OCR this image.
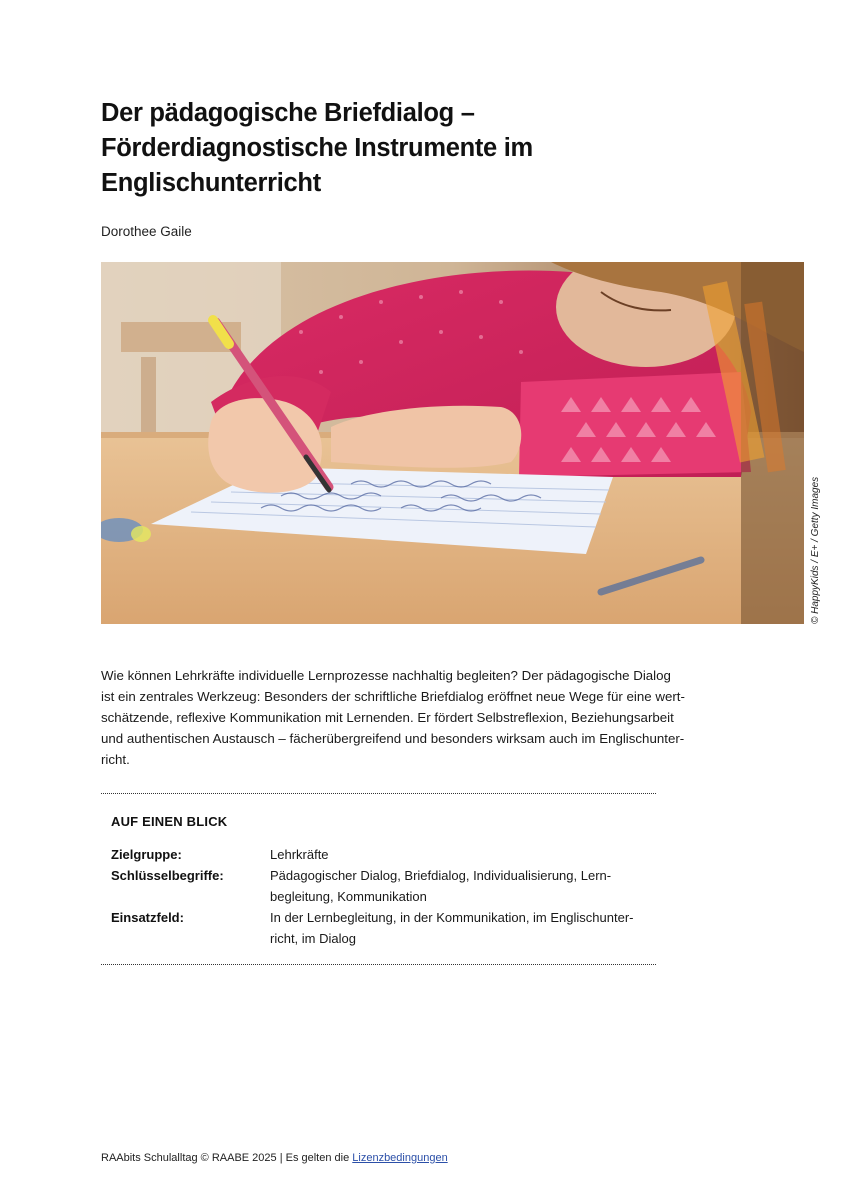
Der pädagogische Briefdialog –
Förderdiagnostische Instrumente im
Englischunterricht
Dorothee Gaile
© HappyKids / E+ / Getty Images

Wie können Lehrkräfte individuelle Lernprozesse nachhaltig begleiten? Der pädagogische Dialog
ist ein zentrales Werkzeug: Besonders der schriftliche Briefdialog eröffnet neue Wege für eine wert-
schätzende, reflexive Kommunikation mit Lernenden. Er fördert Selbstreflexion, Beziehungsarbeit
und authentischen Austausch – fächerübergreifend und besonders wirksam auch im Englischunter-
richt.

AUF EINEN BLICK
Zielgruppe:	Lehrkräfte
Schlüsselbegriffe:	Pädagogischer Dialog, Briefdialog, Individualisierung, Lern-
begleitung, Kommunikation
Einsatzfeld:	In der Lernbegleitung, in der Kommunikation, im Englischunter-
richt, im Dialog
RAAbits Schulalltag © RAABE 2025 | Es gelten die Lizenzbedingungen
